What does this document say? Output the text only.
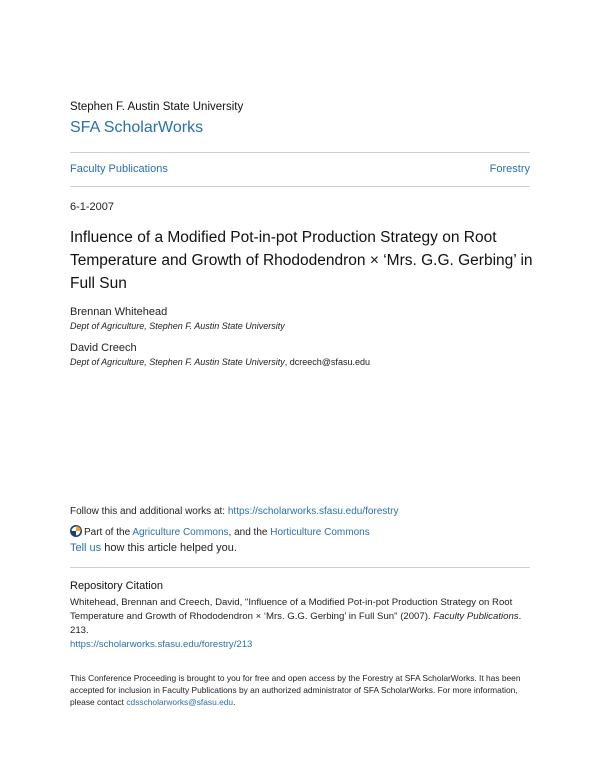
Stephen F. Austin State University
SFA ScholarWorks
Faculty Publications	Forestry
6-1-2007
Influence of a Modified Pot-in-pot Production Strategy on Root Temperature and Growth of Rhododendron × ‘Mrs. G.G. Gerbing’ in Full Sun
Brennan Whitehead
Dept of Agriculture, Stephen F. Austin State University
David Creech
Dept of Agriculture, Stephen F. Austin State University, dcreech@sfasu.edu
Follow this and additional works at: https://scholarworks.sfasu.edu/forestry
Part of the Agriculture Commons, and the Horticulture Commons
Tell us how this article helped you.
Repository Citation
Whitehead, Brennan and Creech, David, "Influence of a Modified Pot-in-pot Production Strategy on Root Temperature and Growth of Rhododendron × ‘Mrs. G.G. Gerbing’ in Full Sun" (2007). Faculty Publications. 213.
https://scholarworks.sfasu.edu/forestry/213
This Conference Proceeding is brought to you for free and open access by the Forestry at SFA ScholarWorks. It has been accepted for inclusion in Faculty Publications by an authorized administrator of SFA ScholarWorks. For more information, please contact cdsscholarworks@sfasu.edu.
